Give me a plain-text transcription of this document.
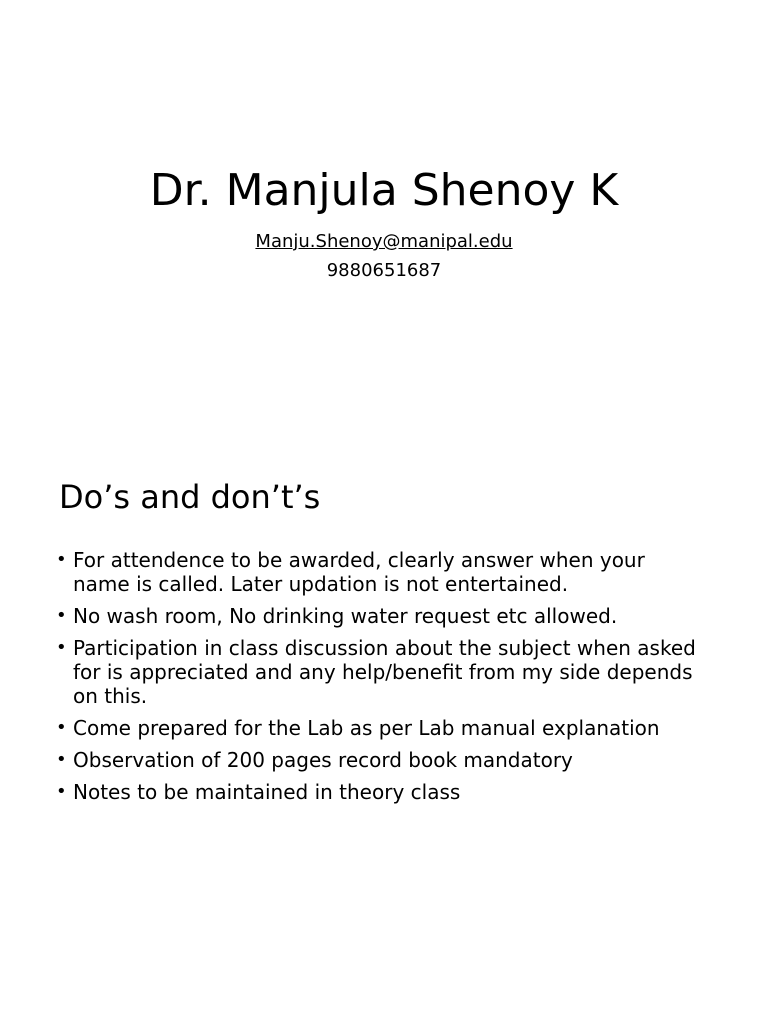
Dr. Manjula Shenoy K
Manju.Shenoy@manipal.edu
9880651687
Do’s and don’t’s
• For attendence to be awarded, clearly answer when your name is called. Later updation is not entertained.
• No wash room, No drinking water request etc allowed.
• Participation in class discussion about the subject when asked for is appreciated and any help/benefit from my side depends on this.
• Come prepared for the Lab as per Lab manual explanation
• Observation of 200 pages record book mandatory
• Notes to be maintained in theory class
